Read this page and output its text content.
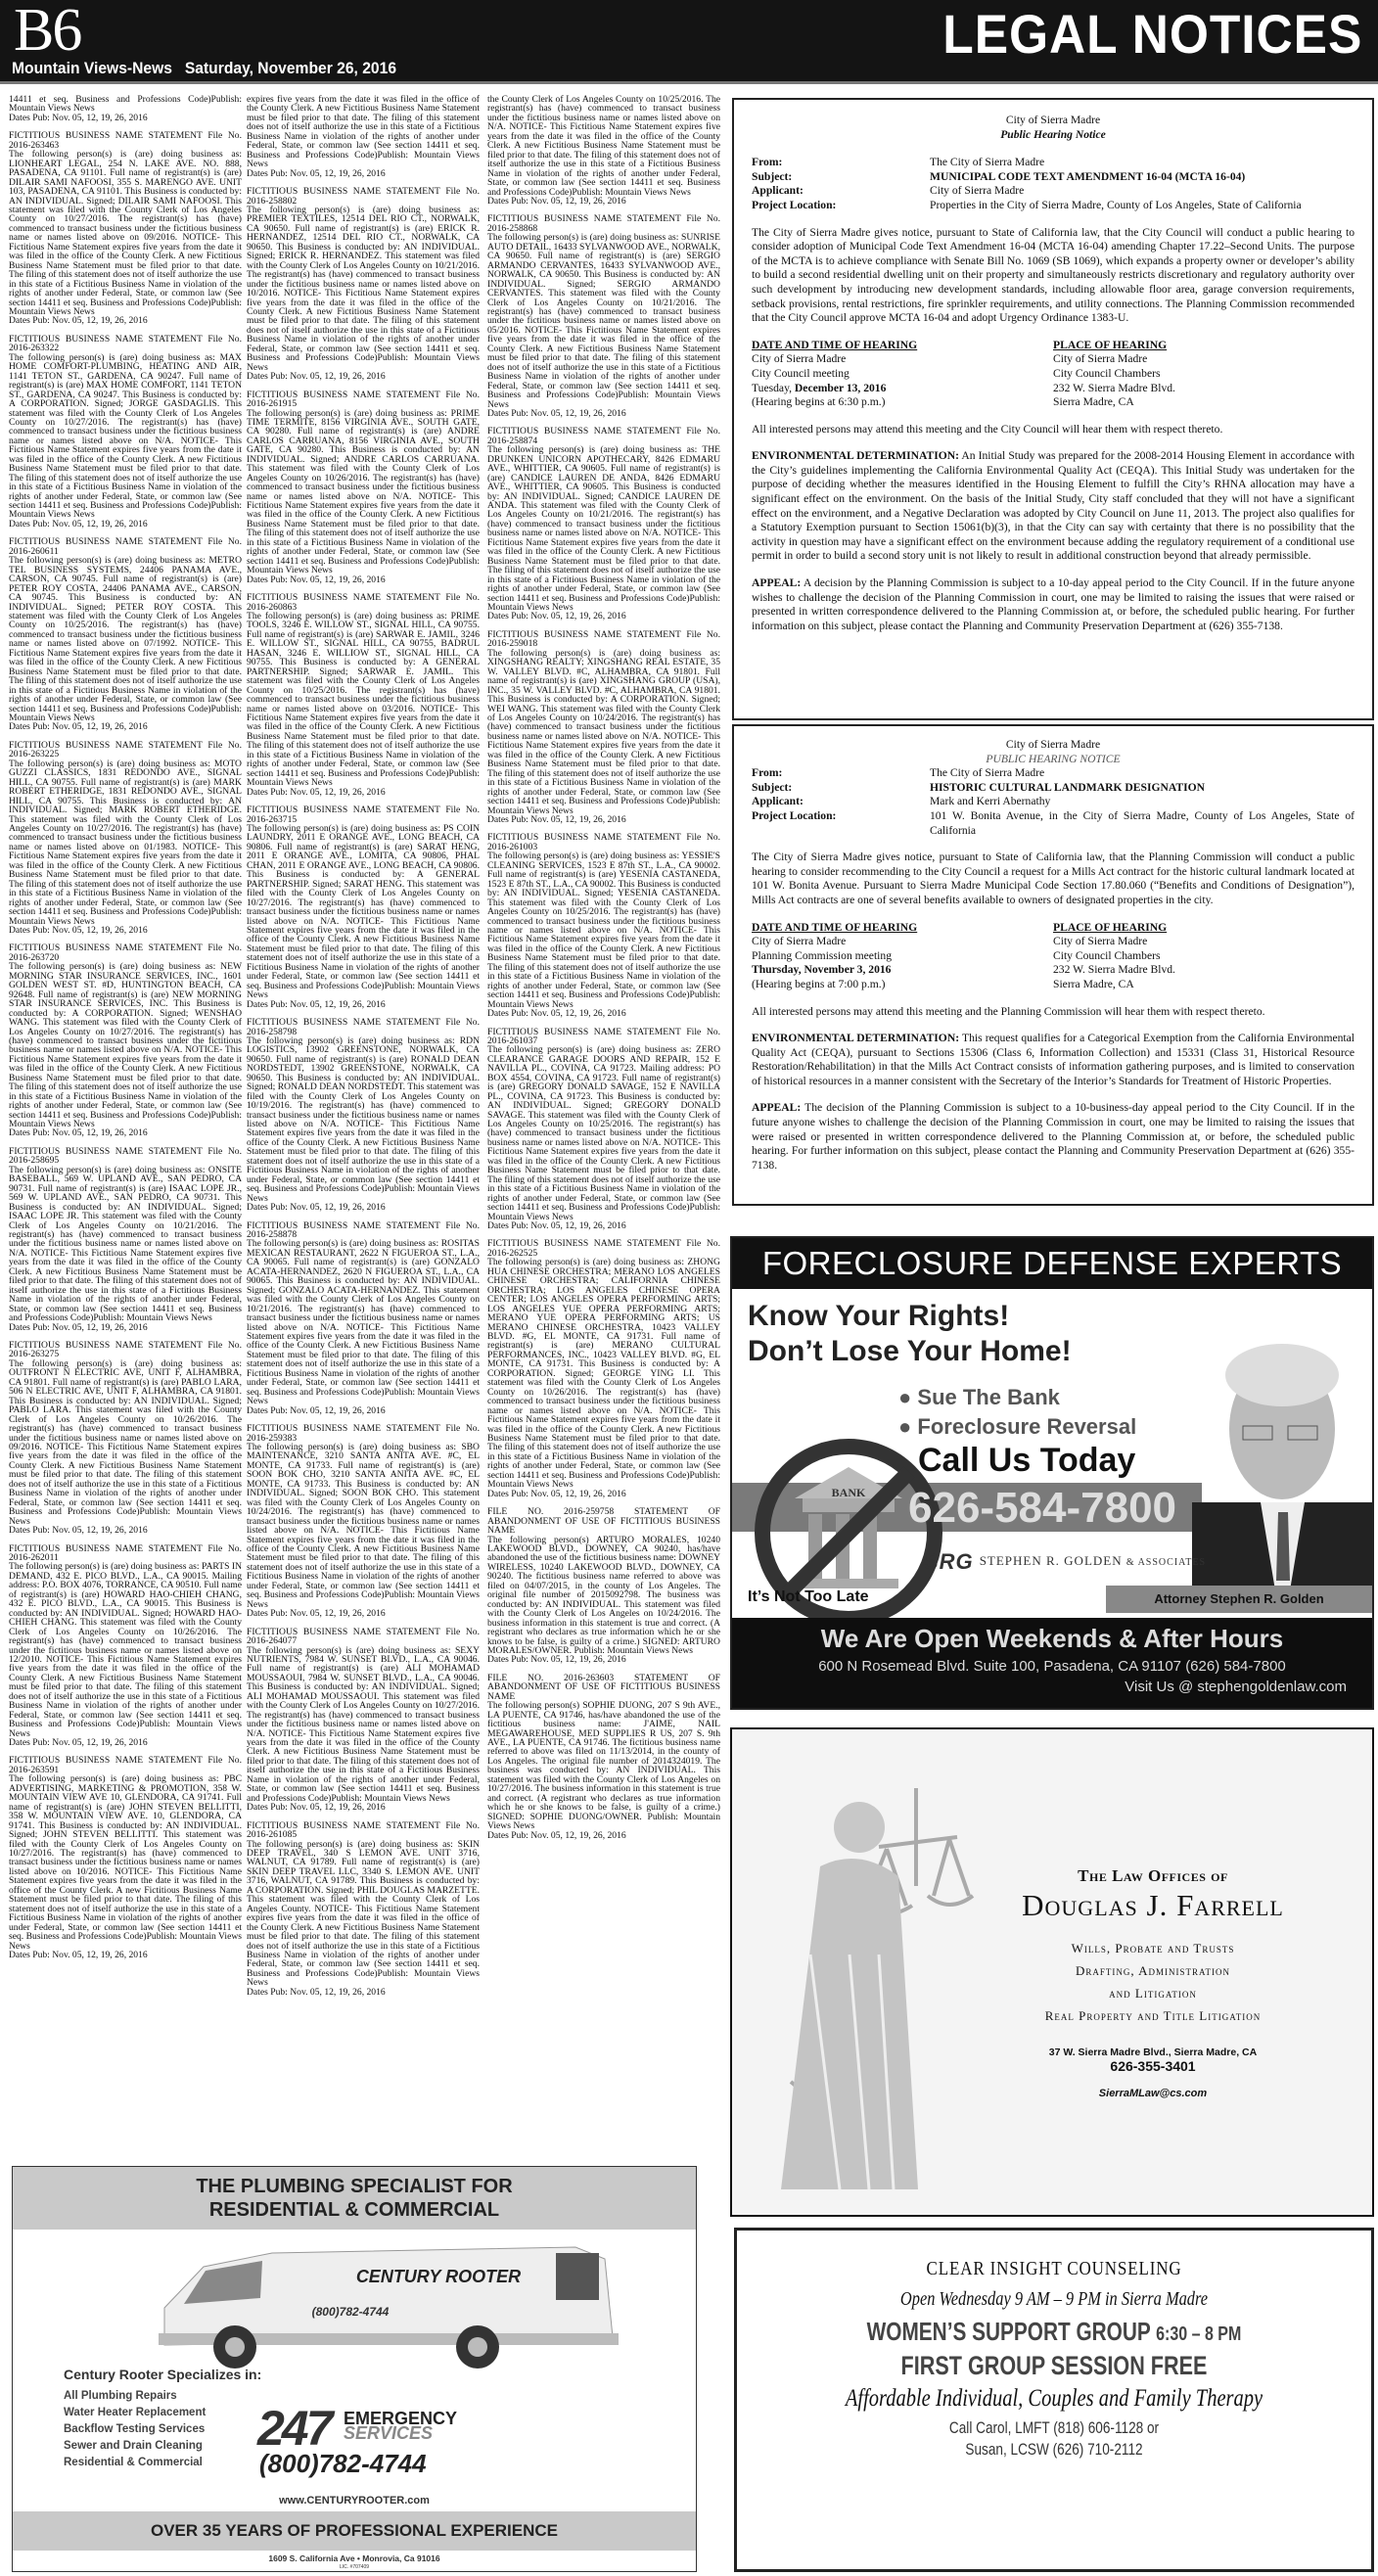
B6	LEGAL NOTICES
Mountain Views-News Saturday, November 26, 2016
14411 et seq. Business and Professions Code)Publish: Mountain Views News
Dates Pub: Nov. 05, 12, 19, 26, 2016
FICTITIOUS BUSINESS NAME STATEMENT File No. 2016-263463
The following person(s) is (are) doing business as: LIONHEART LEGAL, 254 N. LAKE AVE. NO. 888, PASADENA, CA 91101. Full name of registrant(s) is (are) DILAIR SAMI NAFOOSI, 355 S. MARENGO AVE. UNIT 103, PASADENA, CA 91101. This Business is conducted by: AN INDIVIDUAL. Signed; DILAIR SAMI NAFOOSI. This statement was filed with the County Clerk of Los Angeles County on 10/27/2016. The registrant(s) has (have) commenced to transact business under the fictitious business name or names listed above on 09/2016. NOTICE- This Fictitious Name Statement expires five years from the date it was filed in the office of the County Clerk. A new Fictitious Business Name Statement must be filed prior to that date. The filing of this statement does not of itself authorize the use in this state of a Fictitious Business Name in violation of the rights of another under Federal, State, or common law (See section 14411 et seq. Business and Professions Code)Publish: Mountain Views News
Dates Pub: Nov. 05, 12, 19, 26, 2016
FICTITIOUS BUSINESS NAME STATEMENT File No. 2016-263322
The following person(s) is (are) doing business as: MAX HOME COMFORT-PLUMBING, HEATING AND AIR, 1141 TETON ST., GARDENA, CA 90247. Full name of registrant(s) is (are) MAX HOME COMFORT, 1141 TETON ST., GARDENA, CA 90247. This Business is conducted by: A CORPORATION. Signed; JORGE GASDAGLIS. This statement was filed with the County Clerk of Los Angeles County on 10/27/2016. The registrant(s) has (have) commenced to transact business under the fictitious business name or names listed above on N/A. NOTICE- This Fictitious Name Statement expires five years from the date it was filed in the office of the County Clerk. A new Fictitious Business Name Statement must be filed prior to that date. The filing of this statement does not of itself authorize the use in this state of a Fictitious Business Name in violation of the rights of another under Federal, State, or common law (See section 14411 et seq. Business and Professions Code)Publish: Mountain Views News
Dates Pub: Nov. 05, 12, 19, 26, 2016
FICTITIOUS BUSINESS NAME STATEMENT File No. 2016-260611
The following person(s) is (are) doing business as: METRO TEL BUSINESS SYSTEMS, 24406 PANAMA AVE., CARSON, CA 90745. Full name of registrant(s) is (are) PETER ROY COSTA, 24406 PANAMA AVE., CARSON, CA 90745. This Business is conducted by: AN INDIVIDUAL. Signed; PETER ROY COSTA. This statement was filed with the County Clerk of Los Angeles County on 10/25/2016. The registrant(s) has (have) commenced to transact business under the fictitious business name or names listed above on 07/1992. NOTICE- This Fictitious Name Statement expires five years from the date it was filed in the office of the County Clerk. A new Fictitious Business Name Statement must be filed prior to that date. The filing of this statement does not of itself authorize the use in this state of a Fictitious Business Name in violation of the rights of another under Federal, State, or common law (See section 14411 et seq. Business and Professions Code)Publish: Mountain Views News
Dates Pub: Nov. 05, 12, 19, 26, 2016
FICTITIOUS BUSINESS NAME STATEMENT File No. 2016-263225
The following person(s) is (are) doing business as: MOTO GUZZI CLASSICS, 1831 REDONDO AVE., SIGNAL HILL, CA 90755. Full name of registrant(s) is (are) MARK ROBERT ETHERIDGE, 1831 REDONDO AVE., SIGNAL HILL, CA 90755. This Business is conducted by: AN INDIVIDUAL. Signed; MARK ROBERT ETHERIDGE. This statement was filed with the County Clerk of Los Angeles County on 10/27/2016. The registrant(s) has (have) commenced to transact business under the fictitious business name or names listed above on 01/1983. NOTICE- This Fictitious Name Statement expires five years from the date it was filed in the office of the County Clerk. A new Fictitious Business Name Statement must be filed prior to that date. The filing of this statement does not of itself authorize the use in this state of a Fictitious Business Name in violation of the rights of another under Federal, State, or common law (See section 14411 et seq. Business and Professions Code)Publish: Mountain Views News
Dates Pub: Nov. 05, 12, 19, 26, 2016
FICTITIOUS BUSINESS NAME STATEMENT File No. 2016-263720
The following person(s) is (are) doing business as: NEW MORNING STAR INSURANCE SERVICES, INC., 1601 GOLDEN WEST ST. #D, HUNTINGTON BEACH, CA 92648. Full name of registrant(s) is (are) NEW MORNING STAR INSURANCE SERVICES, INC. This Business is conducted by: A CORPORATION. Signed; WENSHAO WANG. This statement was filed with the County Clerk of Los Angeles County on 10/27/2016. The registrant(s) has (have) commenced to transact business under the fictitious business name or names listed above on N/A. NOTICE- This Fictitious Name Statement expires five years from the date it was filed in the office of the County Clerk. A new Fictitious Business Name Statement must be filed prior to that date. The filing of this statement does not of itself authorize the use in this state of a Fictitious Business Name in violation of the rights of another under Federal, State, or common law (See section 14411 et seq. Business and Professions Code)Publish: Mountain Views News
Dates Pub: Nov. 05, 12, 19, 26, 2016
FICTITIOUS BUSINESS NAME STATEMENT File No. 2016-258695
The following person(s) is (are) doing business as: ONSITE BASEBALL, 569 W. UPLAND AVE., SAN PEDRO, CA 90731. Full name of registrant(s) is (are) ISAAC LOPE JR., 569 W. UPLAND AVE., SAN PEDRO, CA 90731. This Business is conducted by: AN INDIVIDUAL. Signed; ISAAC LOPE JR. This statement was filed with the County Clerk of Los Angeles County on 10/21/2016. The registrant(s) has (have) commenced to transact business under the fictitious business name or names listed above on N/A. NOTICE- This Fictitious Name Statement expires five years from the date it was filed in the office of the County Clerk. A new Fictitious Business Name Statement must be filed prior to that date. The filing of this statement does not of itself authorize the use in this state of a Fictitious Business Name in violation of the rights of another under Federal, State, or common law (See section 14411 et seq. Business and Professions Code)Publish: Mountain Views News
Dates Pub: Nov. 05, 12, 19, 26, 2016
FICTITIOUS BUSINESS NAME STATEMENT File No. 2016-263275
The following person(s) is (are) doing business as: OUTFRONT N ELECTRIC AVE, UNIT F, ALHAMBRA, CA 91801. Full name of registrant(s) is (are) PABLO LARA, 506 N ELECTRIC AVE, UNIT F, ALHAMBRA, CA 91801. This Business is conducted by: AN INDIVIDUAL. Signed; PABLO LARA. This statement was filed with the County Clerk of Los Angeles County on 10/26/2016. The registrant(s) has (have) commenced to transact business under the fictitious business name or names listed above on 09/2016. NOTICE- This Fictitious Name Statement expires five years from the date it was filed in the office of the County Clerk. A new Fictitious Business Name Statement must be filed prior to that date. The filing of this statement does not of itself authorize the use in this state of a Fictitious Business Name in violation of the rights of another under Federal, State, or common law (See section 14411 et seq. Business and Professions Code)Publish: Mountain Views News
Dates Pub: Nov. 05, 12, 19, 26, 2016
FICTITIOUS BUSINESS NAME STATEMENT File No. 2016-262011
The following person(s) is (are) doing business as: PARTS IN DEMAND, 432 E. PICO BLVD., L.A., CA 90015. Mailing address: P.O. BOX 4076, TORRANCE, CA 90510. Full name of registrant(s) is (are) HOWARD HAO-CHIEH CHANG, 432 E. PICO BLVD., L.A., CA 90015. This Business is conducted by: AN INDIVIDUAL. Signed; HOWARD HAO-CHIEH CHANG. This statement was filed with the County Clerk of Los Angeles County on 10/26/2016. The registrant(s) has (have) commenced to transact business under the fictitious business name or names listed above on 12/2010. NOTICE- This Fictitious Name Statement expires five years from the date it was filed in the office of the County Clerk. A new Fictitious Business Name Statement must be filed prior to that date. The filing of this statement does not of itself authorize the use in this state of a Fictitious Business Name in violation of the rights of another under Federal, State, or common law (See section 14411 et seq. Business and Professions Code)Publish: Mountain Views News
Dates Pub: Nov. 05, 12, 19, 26, 2016
FICTITIOUS BUSINESS NAME STATEMENT File No. 2016-263591
The following person(s) is (are) doing business as: PBC ADVERTISING, MARKETING & PROMOTION, 358 W. MOUNTAIN VIEW AVE 10, GLENDORA, CA 91741. Full name of registrant(s) is (are) JOHN STEVEN BELLITTI, 358 W. MOUNTAIN VIEW AVE. 10, GLENDORA, CA 91741. This Business is conducted by: AN INDIVIDUAL. Signed; JOHN STEVEN BELLITTI. This statement was filed with the County Clerk of Los Angeles County on 10/27/2016. The registrant(s) has (have) commenced to transact business under the fictitious business name or names listed above on 10/2016. NOTICE- This Fictitious Name Statement expires five years from the date it was filed in the office of the County Clerk. A new Fictitious Business Name Statement must be filed prior to that date. The filing of this statement does not of itself authorize the use in this state of a Fictitious Business Name in violation of the rights of another under Federal, State, or common law (See section 14411 et seq. Business and Professions Code)Publish: Mountain Views News
Dates Pub: Nov. 05, 12, 19, 26, 2016
expires five years from the date it was filed in the office of the County Clerk. A new Fictitious Business Name Statement must be filed prior to that date. The filing of this statement does not of itself authorize the use in this state of a Fictitious Business Name in violation of the rights of another under Federal, State, or common law (See section 14411 et seq. Business and Professions Code)Publish: Mountain Views News
Dates Pub: Nov. 05, 12, 19, 26, 2016
FICTITIOUS BUSINESS NAME STATEMENT File No. 2016-258802
The following person(s) is (are) doing business as: PREMIER TEXTILES, 12514 DEL RIO CT., NORWALK, CA 90650. Full name of registrant(s) is (are) ERICK R. HERNANDEZ, 12514 DEL RIO CT., NORWALK, CA 90650. This Business is conducted by: AN INDIVIDUAL. Signed; ERICK R. HERNANDEZ. This statement was filed with the County Clerk of Los Angeles County on 10/21/2016. The registrant(s) has (have) commenced to transact business under the fictitious business name or names listed above on 10/2016. NOTICE- This Fictitious Name Statement expires five years from the date it was filed in the office of the County Clerk. A new Fictitious Business Name Statement must be filed prior to that date. The filing of this statement does not of itself authorize the use in this state of a Fictitious Business Name in violation of the rights of another under Federal, State, or common law (See section 14411 et seq. Business and Professions Code)Publish: Mountain Views News
Dates Pub: Nov. 05, 12, 19, 26, 2016
FICTITIOUS BUSINESS NAME STATEMENT File No. 2016-261915
The following person(s) is (are) doing business as: PRIME TIME TERMITE, 8156 VIRGINIA AVE., SOUTH GATE, CA 90280. Full name of registrant(s) is (are) ANDRE CARLOS CARRUANA, 8156 VIRGINIA AVE., SOUTH GATE, CA 90280. This Business is conducted by: AN INDIVIDUAL. Signed; ANDRE CARLOS CARRUANA. This statement was filed with the County Clerk of Los Angeles County on 10/26/2016. The registrant(s) has (have) commenced to transact business under the fictitious business name or names listed above on N/A. NOTICE- This Fictitious Name Statement expires five years from the date it was filed in the office of the County Clerk. A new Fictitious Business Name Statement must be filed prior to that date. The filing of this statement does not of itself authorize the use in this state of a Fictitious Business Name in violation of the rights of another under Federal, State, or common law (See section 14411 et seq. Business and Professions Code)Publish: Mountain Views News
Dates Pub: Nov. 05, 12, 19, 26, 2016
FICTITIOUS BUSINESS NAME STATEMENT File No. 2016-260863
The following person(s) is (are) doing business as: PRIME TOOLS, 3246 E. WILLOW ST., SIGNAL HILL, CA 90755. Full name of registrant(s) is (are) SARWAR E. JAMIL, 3246 E. WILLOW ST., SIGNAL HILL, CA 90755, BADRUL HASAN, 3246 E. WILLIOW ST., SIGNAL HILL, CA 90755. This Business is conducted by: A GENERAL PARTNERSHIP. Signed; SARWAR E. JAMIL. This statement was filed with the County Clerk of Los Angeles County on 10/25/2016. The registrant(s) has (have) commenced to transact business under the fictitious business name or names listed above on 03/2016. NOTICE- This Fictitious Name Statement expires five years from the date it was filed in the office of the County Clerk. A new Fictitious Business Name Statement must be filed prior to that date. The filing of this statement does not of itself authorize the use in this state of a Fictitious Business Name in violation of the rights of another under Federal, State, or common law (See section 14411 et seq. Business and Professions Code)Publish: Mountain Views News
Dates Pub: Nov. 05, 12, 19, 26, 2016
FICTITIOUS BUSINESS NAME STATEMENT File No. 2016-263715
The following person(s) is (are) doing business as: PS COIN LAUNDRY, 2011 E ORANGE AVE., LONG BEACH, CA 90806. Full name of registrant(s) is (are) SARAT HENG, 2011 E ORANGE AVE., LOMITA, CA 90806, PHAL CHAN, 2011 E ORANGE AVE., LONG BEACH, CA 90806. This Business is conducted by: A GENERAL PARTNERSHIP. Signed; SARAT HENG. This statement was filed with the County Clerk of Los Angeles County on 10/27/2016. The registrant(s) has (have) commenced to transact business under the fictitious business name or names listed above on N/A. NOTICE- This Fictitious Name Statement expires five years from the date it was filed in the office of the County Clerk. A new Fictitious Business Name Statement must be filed prior to that date. The filing of this statement does not of itself authorize the use in this state of a Fictitious Business Name in violation of the rights of another under Federal, State, or common law (See section 14411 et seq. Business and Professions Code)Publish: Mountain Views News
Dates Pub: Nov. 05, 12, 19, 26, 2016
FICTITIOUS BUSINESS NAME STATEMENT File No. 2016-258798
The following person(s) is (are) doing business as: RDN LOGISTICS, 13902 GREENSTONE, NORWALK, CA 90650. Full name of registrant(s) is (are) RONALD DEAN NORDSTEDT, 13902 GREENSTONE, NORWALK, CA 90650. This Business is conducted by: AN INDIVIDUAL. Signed; RONALD DEAN NORDSTEDT. This statement was filed with the County Clerk of Los Angeles County on 10/19/2016. The registrant(s) has (have) commenced to transact business under the fictitious business name or names listed above on N/A. NOTICE- This Fictitious Name Statement expires five years from the date it was filed in the office of the County Clerk. A new Fictitious Business Name Statement must be filed prior to that date. The filing of this statement does not of itself authorize the use in this state of a Fictitious Business Name in violation of the rights of another under Federal, State, or common law (See section 14411 et seq. Business and Professions Code)Publish: Mountain Views News
Dates Pub: Nov. 05, 12, 19, 26, 2016
FICTITIOUS BUSINESS NAME STATEMENT File No. 2016-258878
The following person(s) is (are) doing business as: ROSITAS MEXICAN RESTAURANT, 2622 N FIGUEROA ST., L.A., CA 90065. Full name of registrant(s) is (are) GONZALO ACATA-HERNANDEZ, 2620 N FIGUEROA ST., L.A., CA 90065. This Business is conducted by: AN INDIVIDUAL. Signed; GONZALO ACATA-HERNANDEZ. This statement was filed with the County Clerk of Los Angeles County on 10/21/2016. The registrant(s) has (have) commenced to transact business under the fictitious business name or names listed above on N/A. NOTICE- This Fictitious Name Statement expires five years from the date it was filed in the office of the County Clerk. A new Fictitious Business Name Statement must be filed prior to that date. The filing of this statement does not of itself authorize the use in this state of a Fictitious Business Name in violation of the rights of another under Federal, State, or common law (See section 14411 et seq. Business and Professions Code)Publish: Mountain Views News
Dates Pub: Nov. 05, 12, 19, 26, 2016
FICTITIOUS BUSINESS NAME STATEMENT File No. 2016-259383
The following person(s) is (are) doing business as: SBO MAINTENANCE, 3210 SANTA ANITA AVE. #C, EL MONTE, CA 91733. Full name of registrant(s) is (are) SOON BOK CHO, 3210 SANTA ANITA AVE. #C, EL MONTE, CA 91733. This Business is conducted by: AN INDIVIDUAL. Signed; SOON BOK CHO. This statement was filed with the County Clerk of Los Angeles County on 10/24/2016. The registrant(s) has (have) commenced to transact business under the fictitious business name or names listed above on N/A. NOTICE- This Fictitious Name Statement expires five years from the date it was filed in the office of the County Clerk. A new Fictitious Business Name Statement must be filed prior to that date. The filing of this statement does not of itself authorize the use in this state of a Fictitious Business Name in violation of the rights of another under Federal, State, or common law (See section 14411 et seq. Business and Professions Code)Publish: Mountain Views News
Dates Pub: Nov. 05, 12, 19, 26, 2016
FICTITIOUS BUSINESS NAME STATEMENT File No. 2016-264077
The following person(s) is (are) doing business as: SEXY NUTRIENTS, 7984 W. SUNSET BLVD., L.A., CA 90046. Full name of registrant(s) is (are) ALI MOHAMAD MOUSSAOUI, 7984 W. SUNSET BLVD., L.A., CA 90046. This Business is conducted by: AN INDIVIDUAL. Signed; ALI MOHAMAD MOUSSAOUI. This statement was filed with the County Clerk of Los Angeles County on 10/27/2016. The registrant(s) has (have) commenced to transact business under the fictitious business name or names listed above on N/A. NOTICE- This Fictitious Name Statement expires five years from the date it was filed in the office of the County Clerk. A new Fictitious Business Name Statement must be filed prior to that date. The filing of this statement does not of itself authorize the use in this state of a Fictitious Business Name in violation of the rights of another under Federal, State, or common law (See section 14411 et seq. Business and Professions Code)Publish: Mountain Views News
Dates Pub: Nov. 05, 12, 19, 26, 2016
FICTITIOUS BUSINESS NAME STATEMENT File No. 2016-261085
The following person(s) is (are) doing business as: SKIN DEEP TRAVEL, 340 S LEMON AVE. UNIT 3716, WALNUT, CA 91789. Full name of registrant(s) is (are) SKIN DEEP TRAVEL LLC, 3340 S. LEMON AVE. UNIT 3716, WALNUT, CA 91789. This Business is conducted by: A CORPORATION. Signed; PHIL DOUGLAS MARZETTE. This statement was filed with the County Clerk of Los Angeles County. NOTICE- This Fictitious Name Statement expires five years from the date it was filed in the office of the County Clerk. A new Fictitious Business Name Statement must be filed prior to that date. The filing of this statement does not of itself authorize the use in this state of a Fictitious Business Name in violation of the rights of another under Federal, State, or common law (See section 14411 et seq. Business and Professions Code)Publish: Mountain Views News
Dates Pub: Nov. 05, 12, 19, 26, 2016
the County Clerk of Los Angeles County on 10/25/2016. The registrant(s) has (have) commenced to transact business under the fictitious business name or names listed above on N/A. NOTICE- This Fictitious Name Statement expires five years from the date it was filed in the office of the County Clerk. A new Fictitious Business Name Statement must be filed prior to that date. The filing of this statement does not of itself authorize the use in this state of a Fictitious Business Name in violation of the rights of another under Federal, State, or common law (See section 14411 et seq. Business and Professions Code)Publish: Mountain Views News
Dates Pub: Nov. 05, 12, 19, 26, 2016
FICTITIOUS BUSINESS NAME STATEMENT File No. 2016-258868
The following person(s) is (are) doing business as: SUNRISE AUTO DETAIL, 16433 SYLVANWOOD AVE., NORWALK, CA 90650. Full name of registrant(s) is (are) SERGIO ARMANDO CERVANTES, 16433 SYLVANWOOD AVE., NORWALK, CA 90650. This Business is conducted by: AN INDIVIDUAL. Signed; SERGIO ARMANDO CERVANTES. This statement was filed with the County Clerk of Los Angeles County on 10/21/2016. The registrant(s) has (have) commenced to transact business under the fictitious business name or names listed above on 05/2016. NOTICE- This Fictitious Name Statement expires five years from the date it was filed in the office of the County Clerk. A new Fictitious Business Name Statement must be filed prior to that date. The filing of this statement does not of itself authorize the use in this state of a Fictitious Business Name in violation of the rights of another under Federal, State, or common law (See section 14411 et seq. Business and Professions Code)Publish: Mountain Views News
Dates Pub: Nov. 05, 12, 19, 26, 2016
FICTITIOUS BUSINESS NAME STATEMENT File No. 2016-258874
The following person(s) is (are) doing business as: THE DRUNKEN UNICORN APOTHECARY, 8426 EDMARU AVE., WHITTIER, CA 90605. Full name of registrant(s) is (are) CANDICE LAUREN DE ANDA, 8426 EDMARU AVE., WHITTIER, CA 90605. This Business is conducted by: AN INDIVIDUAL. Signed; CANDICE LAUREN DE ANDA. This statement was filed with the County Clerk of Los Angeles County on 10/21/2016. The registrant(s) has (have) commenced to transact business under the fictitious business name or names listed above on N/A. NOTICE- This Fictitious Name Statement expires five years from the date it was filed in the office of the County Clerk. A new Fictitious Business Name Statement must be filed prior to that date. The filing of this statement does not of itself authorize the use in this state of a Fictitious Business Name in violation of the rights of another under Federal, State, or common law (See section 14411 et seq. Business and Professions Code)Publish: Mountain Views News
Dates Pub: Nov. 05, 12, 19, 26, 2016
FICTITIOUS BUSINESS NAME STATEMENT File No. 2016-259018
The following person(s) is (are) doing business as: XINGSHANG REALTY; XINGSHANG REAL ESTATE, 35 W. VALLEY BLVD. #C, ALHAMBRA, CA 91801. Full name of registrant(s) is (are) XINGSHANG GROUP (USA), INC., 35 W. VALLEY BLVD. #C, ALHAMBRA, CA 91801. This Business is conducted by: A CORPORATION. Signed; WEI WANG. This statement was filed with the County Clerk of Los Angeles County on 10/24/2016. The registrant(s) has (have) commenced to transact business under the fictitious business name or names listed above on N/A. NOTICE- This Fictitious Name Statement expires five years from the date it was filed in the office of the County Clerk. A new Fictitious Business Name Statement must be filed prior to that date. The filing of this statement does not of itself authorize the use in this state of a Fictitious Business Name in violation of the rights of another under Federal, State, or common law (See section 14411 et seq. Business and Professions Code)Publish: Mountain Views News
Dates Pub: Nov. 05, 12, 19, 26, 2016
FICTITIOUS BUSINESS NAME STATEMENT File No. 2016-261003
The following person(s) is (are) doing business as: YESSIE'S CLEANING SERVICES, 1523 E 87th ST., L.A., CA 90002. Full name of registrant(s) is (are) YESENIA CASTANEDA, 1523 E 87th ST., L.A., CA 90002. This Business is conducted by: AN INDIVIDUAL. Signed; YESENIA CASTANEDA. This statement was filed with the County Clerk of Los Angeles County on 10/25/2016. The registrant(s) has (have) commenced to transact business under the fictitious business name or names listed above on N/A. NOTICE- This Fictitious Name Statement expires five years from the date it was filed in the office of the County Clerk. A new Fictitious Business Name Statement must be filed prior to that date. The filing of this statement does not of itself authorize the use in this state of a Fictitious Business Name in violation of the rights of another under Federal, State, or common law (See section 14411 et seq. Business and Professions Code)Publish: Mountain Views News
Dates Pub: Nov. 05, 12, 19, 26, 2016
FICTITIOUS BUSINESS NAME STATEMENT File No. 2016-261037
The following person(s) is (are) doing business as: ZERO CLEARANCE GARAGE DOORS AND REPAIR, 152 E NAVILLA PL., COVINA, CA 91723. Mailing address: PO BOX 4554, COVINA, CA 91723. Full name of registrant(s) is (are) GREGORY DONALD SAVAGE, 152 E NAVILLA PL., COVINA, CA 91723. This Business is conducted by: AN INDIVIDUAL. Signed; GREGORY DONALD SAVAGE. This statement was filed with the County Clerk of Los Angeles County on 10/25/2016. The registrant(s) has (have) commenced to transact business under the fictitious business name or names listed above on N/A. NOTICE- This Fictitious Name Statement expires five years from the date it was filed in the office of the County Clerk. A new Fictitious Business Name Statement must be filed prior to that date. The filing of this statement does not of itself authorize the use in this state of a Fictitious Business Name in violation of the rights of another under Federal, State, or common law (See section 14411 et seq. Business and Professions Code)Publish: Mountain Views News
Dates Pub: Nov. 05, 12, 19, 26, 2016
FICTITIOUS BUSINESS NAME STATEMENT File No. 2016-262525
The following person(s) is (are) doing business as: ZHONG HUA CHINESE ORCHESTRA; MERANO LOS ANGELES CHINESE ORCHESTRA; CALIFORNIA CHINESE ORCHESTRA; LOS ANGELES CHINESE OPERA CENTER; LOS ANGELES OPERA PERFORMING ARTS; LOS ANGELES YUE OPERA PERFORMING ARTS; MERANO YUE OPERA PERFORMING ARTS; US MERANO CHINESE ORCHESTRA, 10423 VALLEY BLVD. #G, EL MONTE, CA 91731. Full name of registrant(s) is (are) MERANO CULTURAL PERFORMANCES, INC., 10423 VALLEY BLVD. #G, EL MONTE, CA 91731. This Business is conducted by: A CORPORATION. Signed; GEORGE YING LI. This statement was filed with the County Clerk of Los Angeles County on 10/26/2016. The registrant(s) has (have) commenced to transact business under the fictitious business name or names listed above on N/A. NOTICE- This Fictitious Name Statement expires five years from the date it was filed in the office of the County Clerk. A new Fictitious Business Name Statement must be filed prior to that date. The filing of this statement does not of itself authorize the use in this state of a Fictitious Business Name in violation of the rights of another under Federal, State, or common law (See section 14411 et seq. Business and Professions Code)Publish: Mountain Views News
Dates Pub: Nov. 05, 12, 19, 26, 2016
FILE NO. 2016-259758 STATEMENT OF ABANDONMENT OF USE OF FICTITIOUS BUSINESS NAME
The following person(s) ARTURO MORALES, 10240 LAKEWOOD BLVD., DOWNEY, CA 90240, has/have abandoned the use of the fictitious business name: DOWNEY WIRELESS, 10240 LAKEWOOD BLVD., DOWNEY, CA 90240. The fictitious business name referred to above was filed on 04/07/2015, in the county of Los Angeles. The original file number of 2015092798. The business was conducted by: AN INDIVIDUAL. This statement was filed with the County Clerk of Los Angeles on 10/24/2016. The business information in this statement is true and correct. (A registrant who declares as true information which he or she knows to be false, is guilty of a crime.) SIGNED: ARTURO MORALES/OWNER. Publish: Mountain Views News
Dates Pub: Nov. 05, 12, 19, 26, 2016
FILE NO. 2016-263603 STATEMENT OF ABANDONMENT OF USE OF FICTITIOUS BUSINESS NAME
The following person(s) SOPHIE DUONG, 207 S 9th AVE., LA PUENTE, CA 91746, has/have abandoned the use of the fictitious business name: J'AIME, NAIL MEGAWAREHOUSE, MED SUPPLIES R US, 207 S. 9th AVE., LA PUENTE, CA 91746. The fictitious business name referred to above was filed on 11/13/2014, in the county of Los Angeles. The original file number of 2014324019. The business was conducted by: AN INDIVIDUAL. This statement was filed with the County Clerk of Los Angeles on 10/27/2016. The business information in this statement is true and correct. (A registrant who declares as true information which he or she knows to be false, is guilty of a crime.) SIGNED: SOPHIE DUONG/OWNER. Publish: Mountain Views News
Dates Pub: Nov. 05, 12, 19, 26, 2016
City of Sierra Madre
Public Hearing Notice
From:	The City of Sierra Madre
Subject:	MUNICIPAL CODE TEXT AMENDMENT 16-04 (MCTA 16-04)
Applicant:	City of Sierra Madre
Project Location:	Properties in the City of Sierra Madre, County of Los Angeles, State of California

The City of Sierra Madre gives notice, pursuant to State of California law, that the City Council will conduct a public hearing to consider adoption of Municipal Code Text Amendment 16-04 (MCTA 16-04) amending Chapter 17.22–Second Units. The purpose of the MCTA is to achieve compliance with Senate Bill No. 1069 (SB 1069), which expands a property owner or developer’s ability to build a second residential dwelling unit on their property and simultaneously restricts discretionary and regulatory authority over such development by introducing new development standards, including allowable floor area, garage conversion requirements, setback provisions, rental restrictions, fire sprinkler requirements, and utility connections. The Planning Commission recommended that the City Council approve MCTA 16-04 and adopt Urgency Ordinance 1383-U.

DATE AND TIME OF HEARING
City of Sierra Madre
City Council meeting
Tuesday, December 13, 2016
(Hearing begins at 6:30 p.m.)
PLACE OF HEARING
City of Sierra Madre
City Council Chambers
232 W. Sierra Madre Blvd.
Sierra Madre, CA

All interested persons may attend this meeting and the City Council will hear them with respect thereto.

ENVIRONMENTAL DETERMINATION: An Initial Study was prepared for the 2008-2014 Housing Element in accordance with the City’s guidelines implementing the California Environmental Quality Act (CEQA). This Initial Study was undertaken for the purpose of deciding whether the measures identified in the Housing Element to fulfill the City’s RHNA allocation may have a significant effect on the environment. On the basis of the Initial Study, City staff concluded that they will not have a significant effect on the environment, and a Negative Declaration was adopted by City Council on June 11, 2013. The project also qualifies for a Statutory Exemption pursuant to Section 15061(b)(3), in that the City can say with certainty that there is no possibility that the activity in question may have a significant effect on the environment because adding the regulatory requirement of a conditional use permit in order to build a second story unit is not likely to result in additional construction beyond that already permissible.

APPEAL: A decision by the Planning Commission is subject to a 10-day appeal period to the City Council. If in the future anyone wishes to challenge the decision of the Planning Commission in court, one may be limited to raising the issues that were raised or presented in written correspondence delivered to the Planning Commission at, or before, the scheduled public hearing. For further information on this subject, please contact the Planning and Community Preservation Department at (626) 355-7138.

City of Sierra Madre
PUBLIC HEARING NOTICE
From:	The City of Sierra Madre
Subject:	HISTORIC CULTURAL LANDMARK DESIGNATION
Applicant:	Mark and Kerri Abernathy
Project Location:	101 W. Bonita Avenue, in the City of Sierra Madre, County of Los Angeles, State of California

The City of Sierra Madre gives notice, pursuant to State of California law, that the Planning Commission will conduct a public hearing to consider recommending to the City Council a request for a Mills Act contract for the historic cultural landmark located at 101 W. Bonita Avenue. Pursuant to Sierra Madre Municipal Code Section 17.80.060 (“Benefits and Conditions of Designation”), Mills Act contracts are one of several benefits available to owners of designated properties in the city.

DATE AND TIME OF HEARING
City of Sierra Madre
Planning Commission meeting
Thursday, November 3, 2016
(Hearing begins at 7:00 p.m.)
PLACE OF HEARING
City of Sierra Madre
City Council Chambers
232 W. Sierra Madre Blvd.
Sierra Madre, CA

All interested persons may attend this meeting and the Planning Commission will hear them with respect thereto.

ENVIRONMENTAL DETERMINATION: This request qualifies for a Categorical Exemption from the California Environmental Quality Act (CEQA), pursuant to Sections 15306 (Class 6, Information Collection) and 15331 (Class 31, Historical Resource Restoration/Rehabilitation) in that the Mills Act Contract consists of information gathering purposes, and is limited to conservation of historical resources in a manner consistent with the Secretary of the Interior’s Standards for Treatment of Historic Properties.

APPEAL: The decision of the Planning Commission is subject to a 10-business-day appeal period to the City Council. If in the future anyone wishes to challenge the decision of the Planning Commission in court, one may be limited to raising the issues that were raised or presented in written correspondence delivered to the Planning Commission at, or before, the scheduled public hearing. For further information on this subject, please contact the Planning and Community Preservation Department at (626) 355-7138.

FORECLOSURE DEFENSE EXPERTS
Know Your Rights!
Don’t Lose Your Home!
BANK
● Sue The Bank
● Foreclosure Reversal
Call Us Today
626-584-7800
SRG STEPHEN R. GOLDEN & ASSOCIATES
It’s Not Too Late	Attorney Stephen R. Golden
We Are Open Weekends & After Hours
600 N Rosemead Blvd. Suite 100, Pasadena, CA 91107 (626) 584-7800
Visit Us @ stephengoldenlaw.com
The Law Offices of
Douglas J. Farrell
Wills, Probate and Trusts
Drafting, Administration
and Litigation
Real Property and Title Litigation
37 W. Sierra Madre Blvd., Sierra Madre, CA
626-355-3401
SierraMLaw@cs.com
CLEAR INSIGHT COUNSELING
Open Wednesday 9 AM – 9 PM in Sierra Madre
WOMEN’S SUPPORT GROUP 6:30 – 8 PM
FIRST GROUP SESSION FREE
Affordable Individual, Couples and Family Therapy
Call Carol, LMFT (818) 606-1128 or
Susan, LCSW (626) 710-2112
THE PLUMBING SPECIALIST FOR
RESIDENTIAL & COMMERCIAL
CENTURY ROOTER
(800)782-4744
Century Rooter Specializes in:
All Plumbing Repairs
Water Heater Replacement
Backflow Testing Services
Sewer and Drain Cleaning
Residential & Commercial
247 EMERGENCY
SERVICES
(800)782-4744
www.CENTURYROOTER.com
OVER 35 YEARS OF PROFESSIONAL EXPERIENCE
1609 S. California Ave • Monrovia, Ca 91016
LIC. #707409
